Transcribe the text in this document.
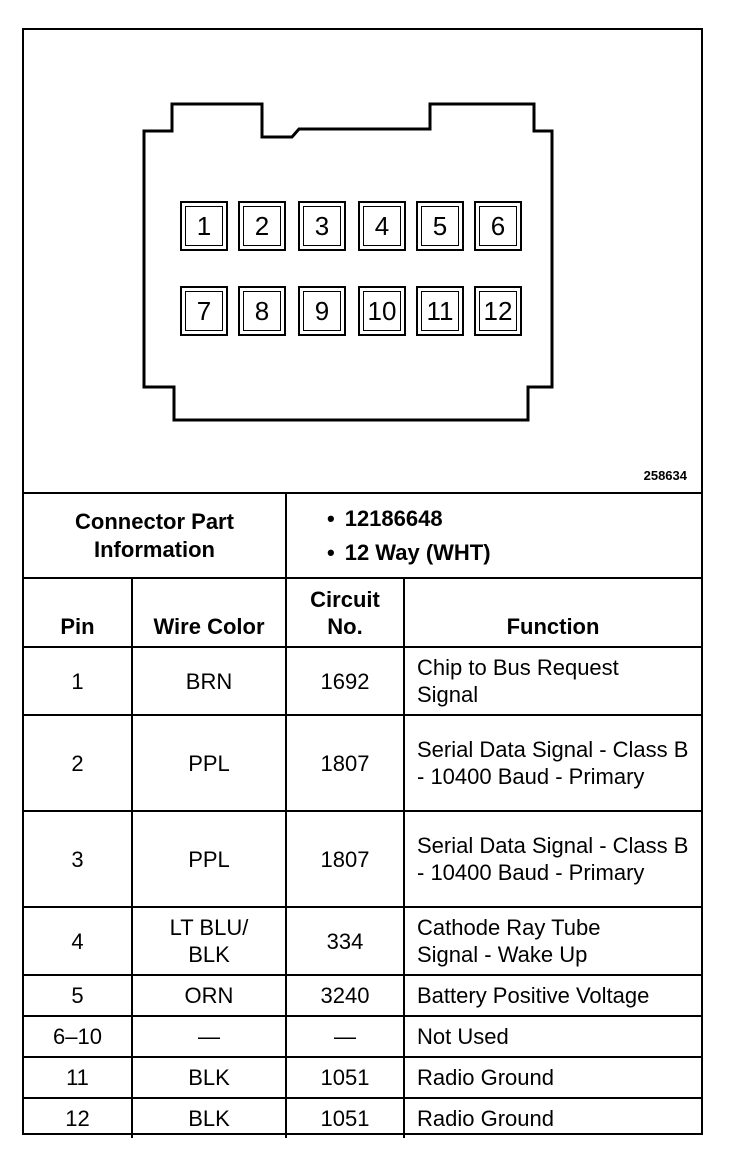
1 2 3 4 5 6
7 8 9 10 11 12
258634
Connector Part Information		• 12186648
• 12 Way (WHT)

Pin	Wire Color	Circuit No.	Function
1	BRN	1692	Chip to Bus Request Signal

2	PPL	1807	Serial Data Signal - Class B - 10400 Baud - Primary

3	PPL	1807	Serial Data Signal - Class B - 10400 Baud - Primary

4	LT BLU/ BLK	334	Cathode Ray Tube Signal - Wake Up

5	ORN	3240	Battery Positive Voltage
6–10	—	—	Not Used
11	BLK	1051	Radio Ground
12	BLK	1051	Radio Ground
